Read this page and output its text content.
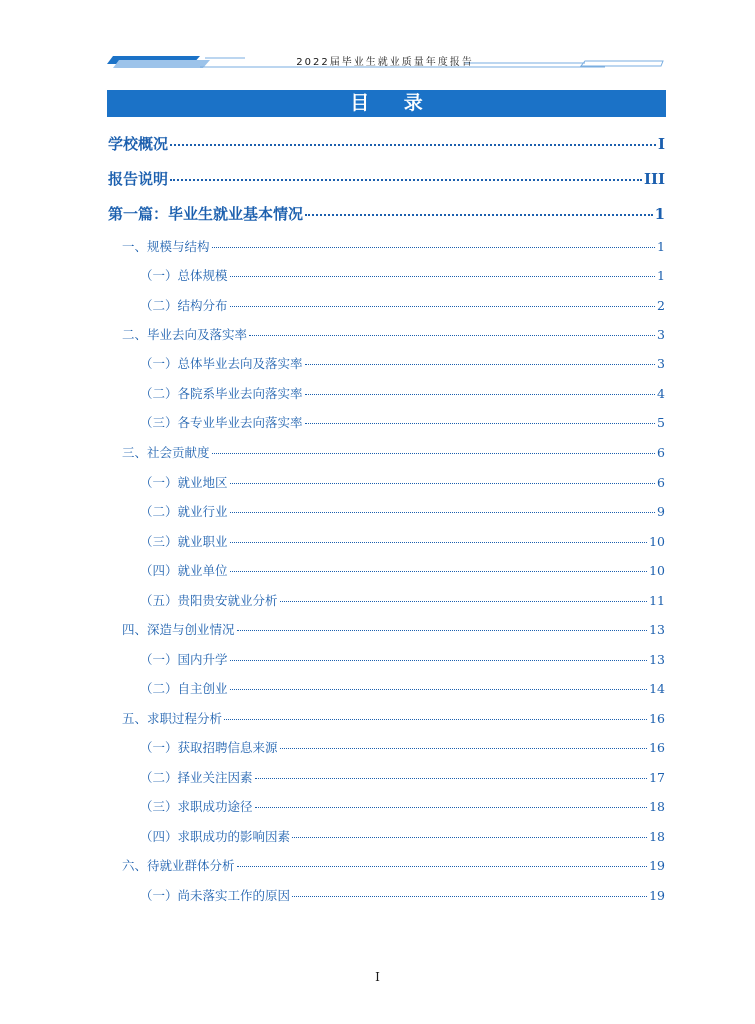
2022届毕业生就业质量年度报告
目 录
学校概况	I
报告说明	III
第一篇：毕业生就业基本情况	1
一、规模与结构	1
（一）总体规模	1
（二）结构分布	2
二、毕业去向及落实率	3
（一）总体毕业去向及落实率	3
（二）各院系毕业去向落实率	4
（三）各专业毕业去向落实率	5
三、社会贡献度	6
（一）就业地区	6
（二）就业行业	9
（三）就业职业	10
（四）就业单位	10
（五）贵阳贵安就业分析	11
四、深造与创业情况	13
（一）国内升学	13
（二）自主创业	14
五、求职过程分析	16
（一）获取招聘信息来源	16
（二）择业关注因素	17
（三）求职成功途径	18
（四）求职成功的影响因素	18
六、待就业群体分析	19
（一）尚未落实工作的原因	19
I
